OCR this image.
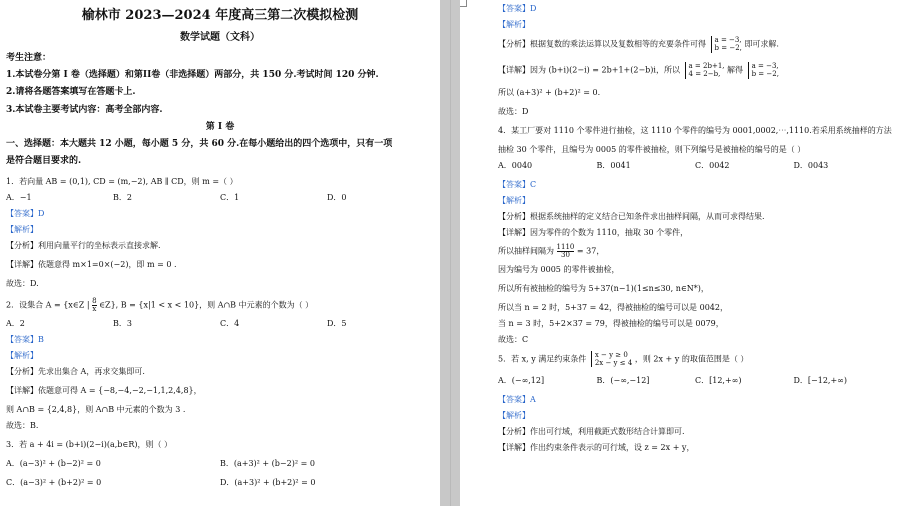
榆林市 2023—2024 年度高三第二次模拟检测
数学试题（文科）
考生注意：
1.本试卷分第 I 卷（选择题）和第II卷（非选择题）两部分，共 150 分.考试时间 120 分钟.
2.请将各题答案填写在答题卡上.
3.本试卷主要考试内容：高考全部内容.
第 I 卷
一、选择题：本大题共 12 小题，每小题 5 分，共 60 分.在每小题给出的四个选项中，只有一项
是符合题目要求的.
1．若向量 AB = (0,1), CD = (m,−2), AB ∥ CD，则 m =（ ）
A．−1	B．2	C．1	D．0
【答案】D
【解析】
【分析】利用向量平行的坐标表示直接求解.
【详解】依题意得 m×1=0×(−2)，即 m = 0 .
故选：D.
2．设集合 A = {x∈Z | $\frac{8}{x}$ ∈Z}, B = {x|1 < x < 10}，则 A∩B 中元素的个数为（ ）
A．2	B．3	C．4	D．5
【答案】B
【解析】
【分析】先求出集合 A，再求交集即可.
【详解】依题意可得 A = {−8,−4,−2,−1,1,2,4,8}，
则 A∩B = {2,4,8}，则 A∩B 中元素的个数为 3 .
故选：B.
3．若 a + 4i = (b+i)(2−i)(a,b∈R)，则（ ）
A．(a−3)² + (b−2)² = 0	B．(a+3)² + (b−2)² = 0
C．(a−3)² + (b+2)² = 0	D．(a+3)² + (b+2)² = 0
【答案】D
【解析】
【分析】根据复数的乘法运算以及复数相等的充要条件可得 a = −3,
b = −2, 即可求解.
【详解】因为 (b+i)(2−i) = 2b+1+(2−b)i，所以 a = 2b+1,
4 = 2−b, 解得 a = −3,
b = −2,
所以 (a+3)² + (b+2)² = 0.
故选：D
4．某工厂要对 1110 个零件进行抽检，这 1110 个零件的编号为 0001,0002,⋯,1110.若采用系统抽样的方法
抽检 30 个零件，且编号为 0005 的零件被抽检，则下列编号是被抽检的编号的是（ ）
A．0040	B．0041	C．0042	D．0043
【答案】C
【解析】
【分析】根据系统抽样的定义结合已知条件求出抽样间隔，从而可求得结果.
【详解】因为零件的个数为 1110，抽取 30 个零件，
所以抽样间隔为 $\frac{1110}{30} = 37$，
因为编号为 0005 的零件被抽检，
所以所有被抽检的编号为 5+37(n−1)(1≤n≤30, n∈N*)，
所以当 n = 2 时，5+37 = 42，得被抽检的编号可以是 0042，
当 n = 3 时，5+2×37 = 79，得被抽检的编号可以是 0079，
故选：C
5．若 x, y 满足约束条件 x − y ≥ 0
2x − y ≤ 4 ，则 2x + y 的取值范围是（ ）
A．(−∞,12]	B．(−∞,−12]	C．[12,+∞)	D．[−12,+∞)
【答案】A
【解析】
【分析】作出可行域，利用截距式数形结合计算即可.
【详解】作出约束条件表示的可行域，设 z = 2x + y，
